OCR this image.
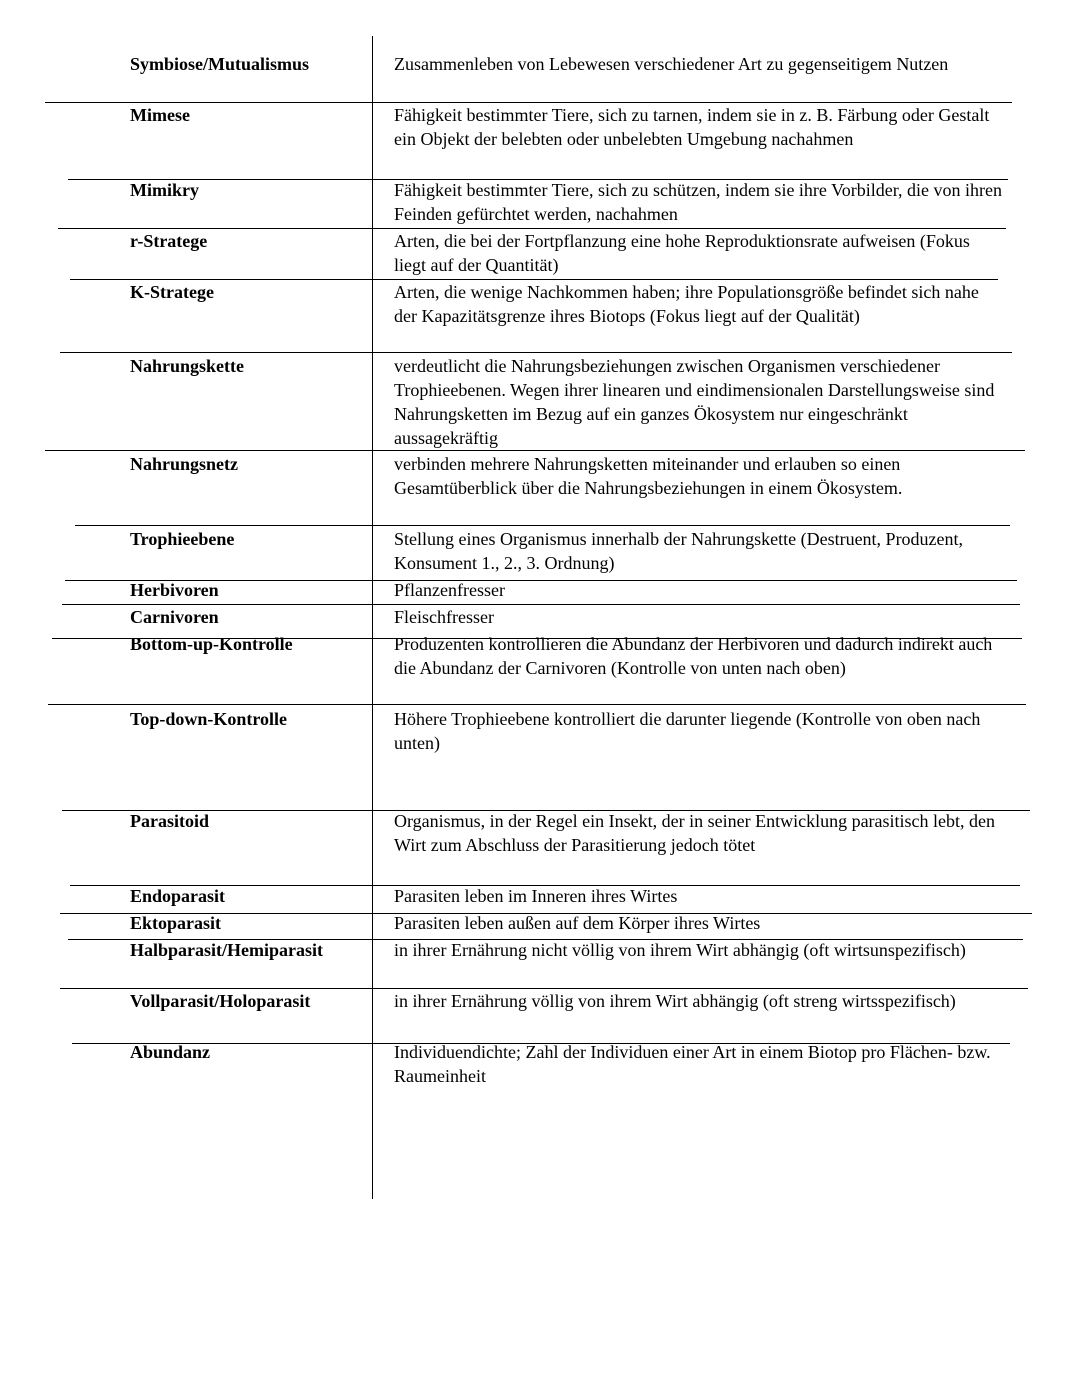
Symbiose/Mutualismus	Zusammenleben von Lebewesen verschiedener Art zu gegenseitigem Nutzen
Mimese	Fähigkeit bestimmter Tiere, sich zu tarnen, indem sie in z. B. Färbung oder Gestalt ein Objekt der belebten oder unbelebten Umgebung nachahmen
Mimikry	Fähigkeit bestimmter Tiere, sich zu schützen, indem sie ihre Vorbilder, die von ihren Feinden gefürchtet werden, nachahmen
r-Stratege	Arten, die bei der Fortpflanzung eine hohe Reproduktionsrate aufweisen (Fokus liegt auf der Quantität)
K-Stratege	Arten, die wenige Nachkommen haben; ihre Populationsgröße befindet sich nahe der Kapazitätsgrenze ihres Biotops (Fokus liegt auf der Qualität)
Nahrungskette	verdeutlicht die Nahrungsbeziehungen zwischen Organismen verschiedener Trophieebenen. Wegen ihrer linearen und eindimensionalen Darstellungsweise sind Nahrungsketten im Bezug auf ein ganzes Ökosystem nur eingeschränkt aussagekräftig
Nahrungsnetz	verbinden mehrere Nahrungsketten miteinander und erlauben so einen Gesamtüberblick über die Nahrungsbeziehungen in einem Ökosystem.
Trophieebene	Stellung eines Organismus innerhalb der Nahrungskette (Destruent, Produzent, Konsument 1., 2., 3. Ordnung)
Herbivoren	Pflanzenfresser
Carnivoren	Fleischfresser
Bottom-up-Kontrolle	Produzenten kontrollieren die Abundanz der Herbivoren und dadurch indirekt auch die Abundanz der Carnivoren (Kontrolle von unten nach oben)
Top-down-Kontrolle	Höhere Trophieebene kontrolliert die darunter liegende (Kontrolle von oben nach unten)
Parasitoid	Organismus, in der Regel ein Insekt, der in seiner Entwicklung parasitisch lebt, den Wirt zum Abschluss der Parasitierung jedoch tötet
Endoparasit	Parasiten leben im Inneren ihres Wirtes
Ektoparasit	Parasiten leben außen auf dem Körper ihres Wirtes
Halbparasit/Hemiparasit	in ihrer Ernährung nicht völlig von ihrem Wirt abhängig (oft wirtsunspezifisch)
Vollparasit/Holoparasit	in ihrer Ernährung völlig von ihrem Wirt abhängig (oft streng wirtsspezifisch)
Abundanz	Individuendichte; Zahl der Individuen einer Art in einem Biotop pro Flächen- bzw. Raumeinheit
